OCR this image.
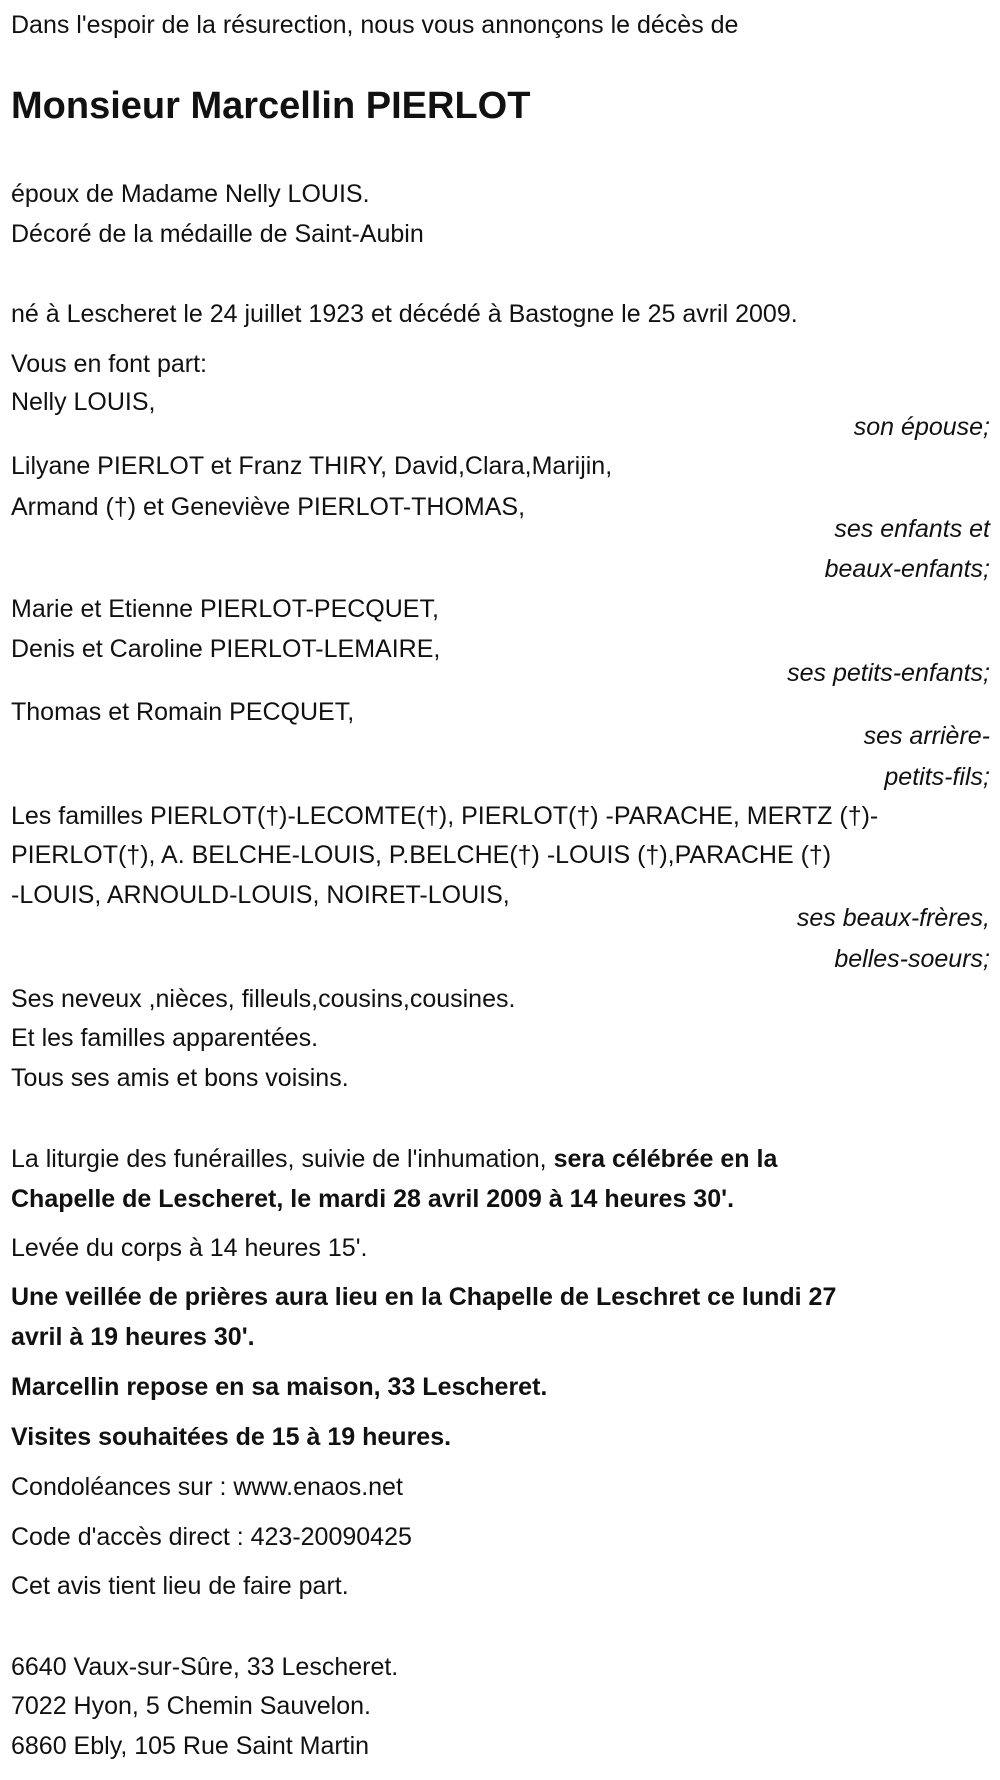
Dans l'espoir de la résurection, nous vous annonçons le décès de
Monsieur Marcellin PIERLOT
époux de Madame Nelly LOUIS.
Décoré de la médaille de Saint-Aubin
né à Lescheret le 24 juillet 1923 et décédé à Bastogne le 25 avril 2009.
Vous en font part:
Nelly LOUIS,
son épouse;
Lilyane PIERLOT et Franz THIRY, David,Clara,Marijin,
Armand (†) et Geneviève PIERLOT-THOMAS,
ses enfants et
beaux-enfants;
Marie et Etienne PIERLOT-PECQUET,
Denis et Caroline PIERLOT-LEMAIRE,
ses petits-enfants;
Thomas et Romain PECQUET,
ses arrière-
petits-fils;
Les familles PIERLOT(†)-LECOMTE(†), PIERLOT(†) -PARACHE, MERTZ (†)-
PIERLOT(†), A. BELCHE-LOUIS, P.BELCHE(†) -LOUIS (†),PARACHE (†)
-LOUIS, ARNOULD-LOUIS, NOIRET-LOUIS,
ses beaux-frères,
belles-soeurs;
Ses neveux ,nièces, filleuls,cousins,cousines.
Et les familles apparentées.
Tous ses amis et bons voisins.
La liturgie des funérailles, suivie de l'inhumation, sera célébrée en la
Chapelle de Lescheret, le mardi 28 avril 2009 à 14 heures 30'.
Levée du corps à 14 heures 15'.
Une veillée de prières aura lieu en la Chapelle de Leschret ce lundi 27
avril à 19 heures 30'.
Marcellin repose en sa maison, 33 Lescheret.
Visites souhaitées de 15 à 19 heures.
Condoléances sur : www.enaos.net
Code d'accès direct : 423-20090425
Cet avis tient lieu de faire part.
6640 Vaux-sur-Sûre, 33 Lescheret.
7022 Hyon, 5 Chemin Sauvelon.
6860 Ebly, 105 Rue Saint Martin
